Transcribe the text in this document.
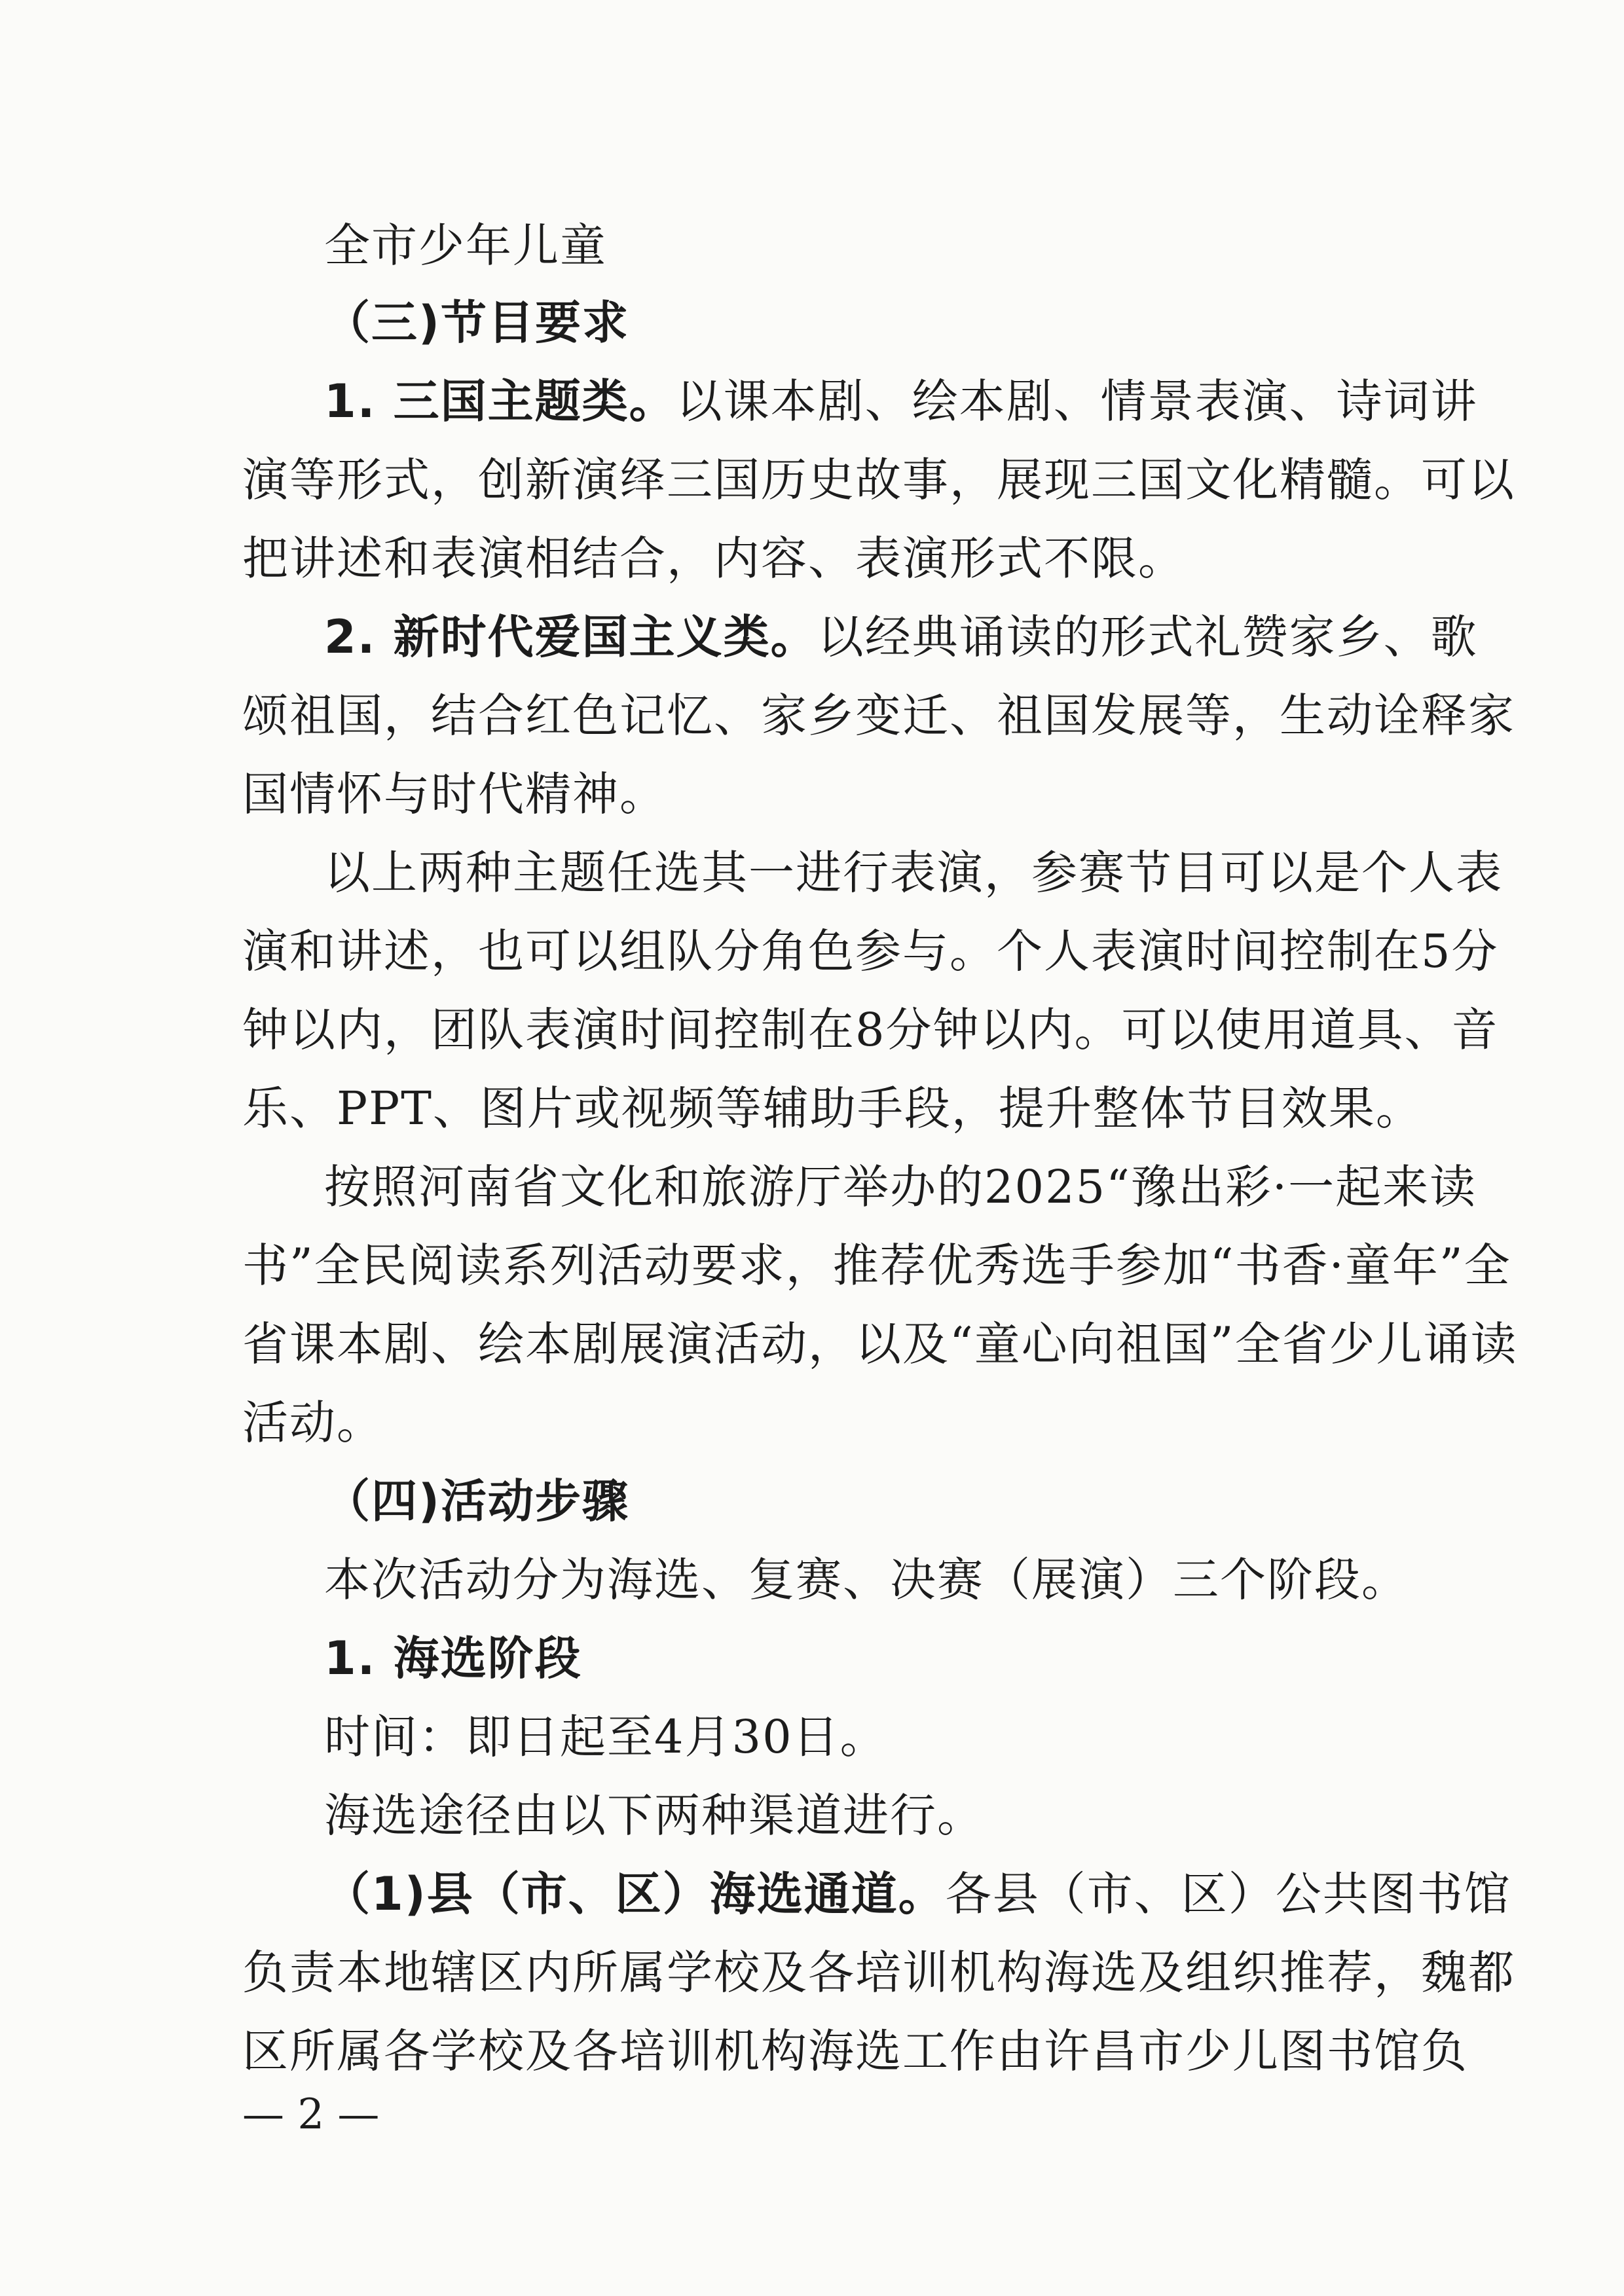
全市少年儿童
（三)节目要求
1. 三国主题类。以课本剧、绘本剧、情景表演、诗词讲
演等形式，创新演绎三国历史故事，展现三国文化精髓。可以
把讲述和表演相结合，内容、表演形式不限。
2. 新时代爱国主义类。以经典诵读的形式礼赞家乡、歌
颂祖国，结合红色记忆、家乡变迁、祖国发展等，生动诠释家
国情怀与时代精神。
以上两种主题任选其一进行表演，参赛节目可以是个人表
演和讲述，也可以组队分角色参与。个人表演时间控制在5分
钟以内，团队表演时间控制在8分钟以内。可以使用道具、音
乐、PPT、图片或视频等辅助手段，提升整体节目效果。
按照河南省文化和旅游厅举办的2025“豫出彩·一起来读
书”全民阅读系列活动要求，推荐优秀选手参加“书香·童年”全
省课本剧、绘本剧展演活动，以及“童心向祖国”全省少儿诵读
活动。
（四)活动步骤
本次活动分为海选、复赛、决赛（展演）三个阶段。
1. 海选阶段
时间：即日起至4月30日。
海选途径由以下两种渠道进行。
（1)县（市、区）海选通道。各县（市、区）公共图书馆
负责本地辖区内所属学校及各培训机构海选及组织推荐，魏都
区所属各学校及各培训机构海选工作由许昌市少儿图书馆负
— 2 —
